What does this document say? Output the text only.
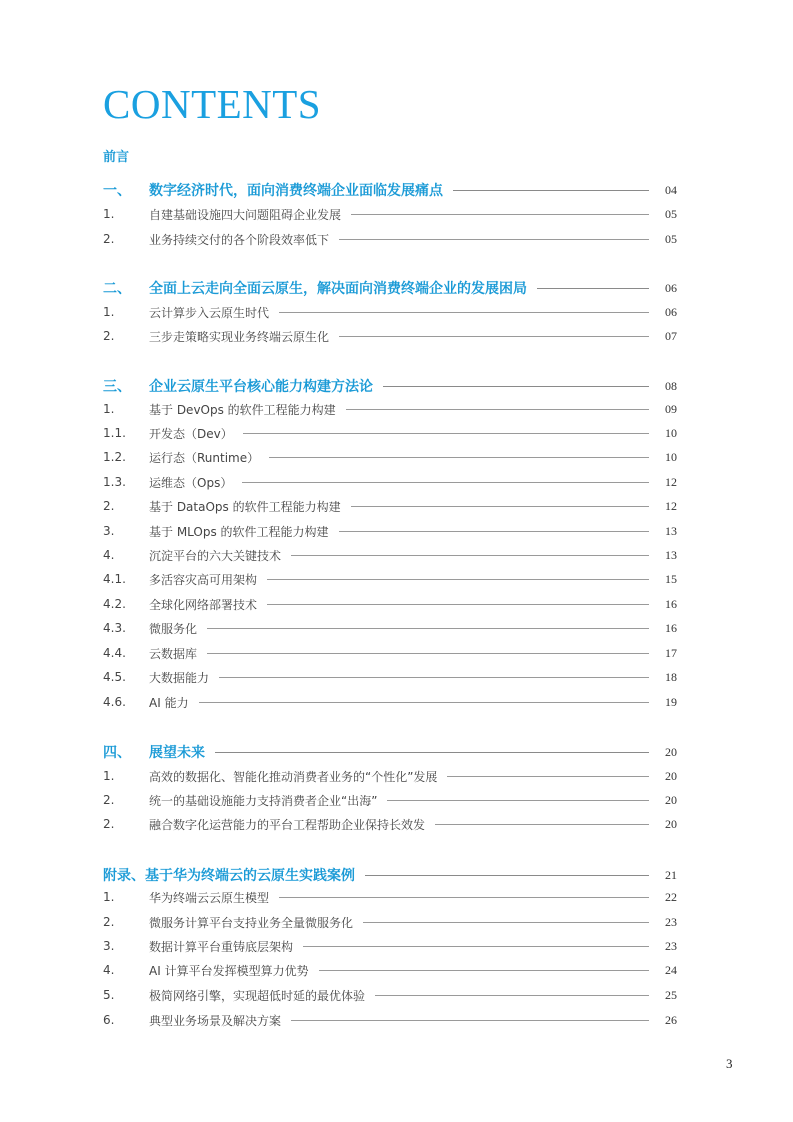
CONTENTS
前言
一、	数字经济时代，面向消费终端企业面临发展痛点	04
1.	自建基础设施四大问题阻碍企业发展	05
2.	业务持续交付的各个阶段效率低下	05
二、	全面上云走向全面云原生，解决面向消费终端企业的发展困局	06
1.	云计算步入云原生时代	06
2.	三步走策略实现业务终端云原生化	07
三、	企业云原生平台核心能力构建方法论	08
1.	基于 DevOps 的软件工程能力构建	09
1.1.	开发态（Dev）	10
1.2.	运行态（Runtime）	10
1.3.	运维态（Ops）	12
2.	基于 DataOps 的软件工程能力构建	12
3.	基于 MLOps 的软件工程能力构建	13
4.	沉淀平台的六大关键技术	13
4.1.	多活容灾高可用架构	15
4.2.	全球化网络部署技术	16
4.3.	微服务化	16
4.4.	云数据库	17
4.5.	大数据能力	18
4.6.	AI 能力	19
四、	展望未来	20
1.	高效的数据化、智能化推动消费者业务的“个性化”发展	20
2.	统一的基础设施能力支持消费者企业“出海”	20
2.	融合数字化运营能力的平台工程帮助企业保持长效发	20
附录、 基于华为终端云的云原生实践案例	21
1.	华为终端云云原生模型	22
2.	微服务计算平台支持业务全量微服务化	23
3.	数据计算平台重铸底层架构	23
4.	AI 计算平台发挥模型算力优势	24
5.	极简网络引擎，实现超低时延的最优体验	25
6.	典型业务场景及解决方案	26
3
